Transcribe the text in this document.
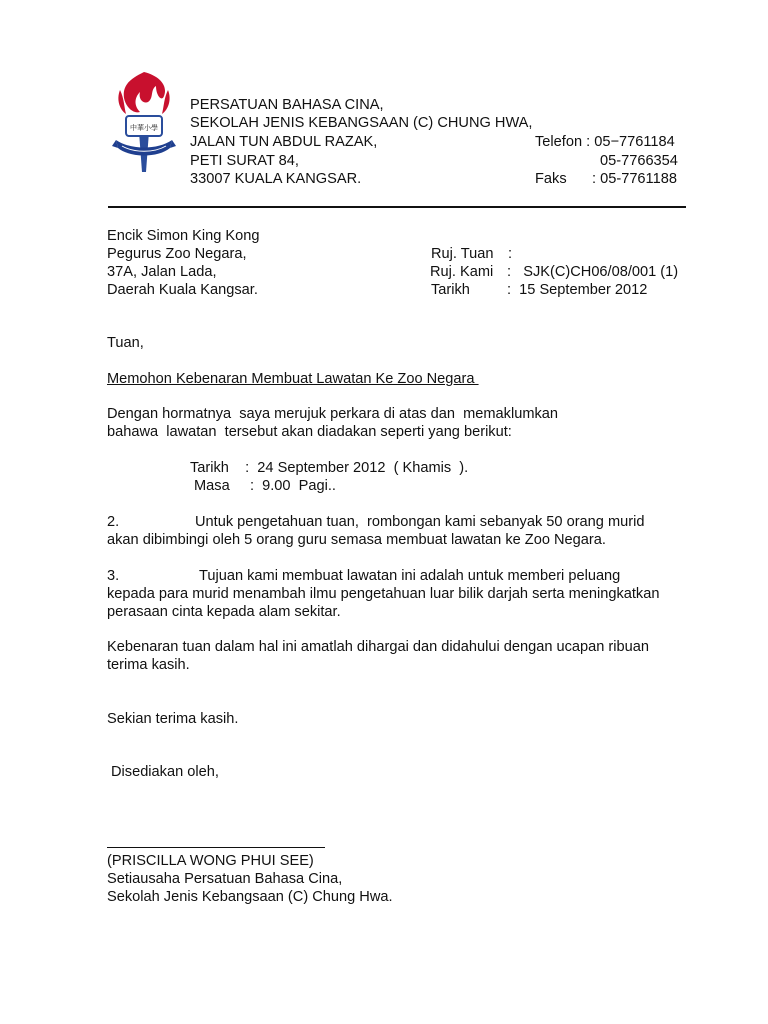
中華小學
PERSATUAN BAHASA CINA,
SEKOLAH JENIS KEBANGSAAN (C) CHUNG HWA,
JALAN TUN ABDUL RAZAK,
PETI SURAT 84,
33007 KUALA KANGSAR.
Telefon : 05−7761184
05-7766354
Faks : 05-7761188
Encik Simon King Kong
Pegurus Zoo Negara,
37A, Jalan Lada,
Daerah Kuala Kangsar.
Ruj. Tuan :
Ruj. Kami :   SJK(C)CH06/08/001 (1)
Tarikh	:  15 September 2012
Tuan,
Memohon Kebenaran Membuat Lawatan Ke Zoo Negara
Dengan hormatnya  saya merujuk perkara di atas dan  memaklumkan
bahawa  lawatan  tersebut akan diadakan seperti yang berikut:
Tarikh    :  24 September 2012  ( Khamis  ).
Masa     :  9.00  Pagi..
2.	Untuk pengetahuan tuan,  rombongan kami sebanyak 50 orang murid
akan dibimbingi oleh 5 orang guru semasa membuat lawatan ke Zoo Negara.
3.	Tujuan kami membuat lawatan ini adalah untuk memberi peluang
kepada para murid menambah ilmu pengetahuan luar bilik darjah serta meningkatkan
perasaan cinta kepada alam sekitar.
Kebenaran tuan dalam hal ini amatlah dihargai dan didahului dengan ucapan ribuan
terima kasih.
Sekian terima kasih.
Disediakan oleh,
(PRISCILLA WONG PHUI SEE)
Setiausaha Persatuan Bahasa Cina,
Sekolah Jenis Kebangsaan (C) Chung Hwa.
